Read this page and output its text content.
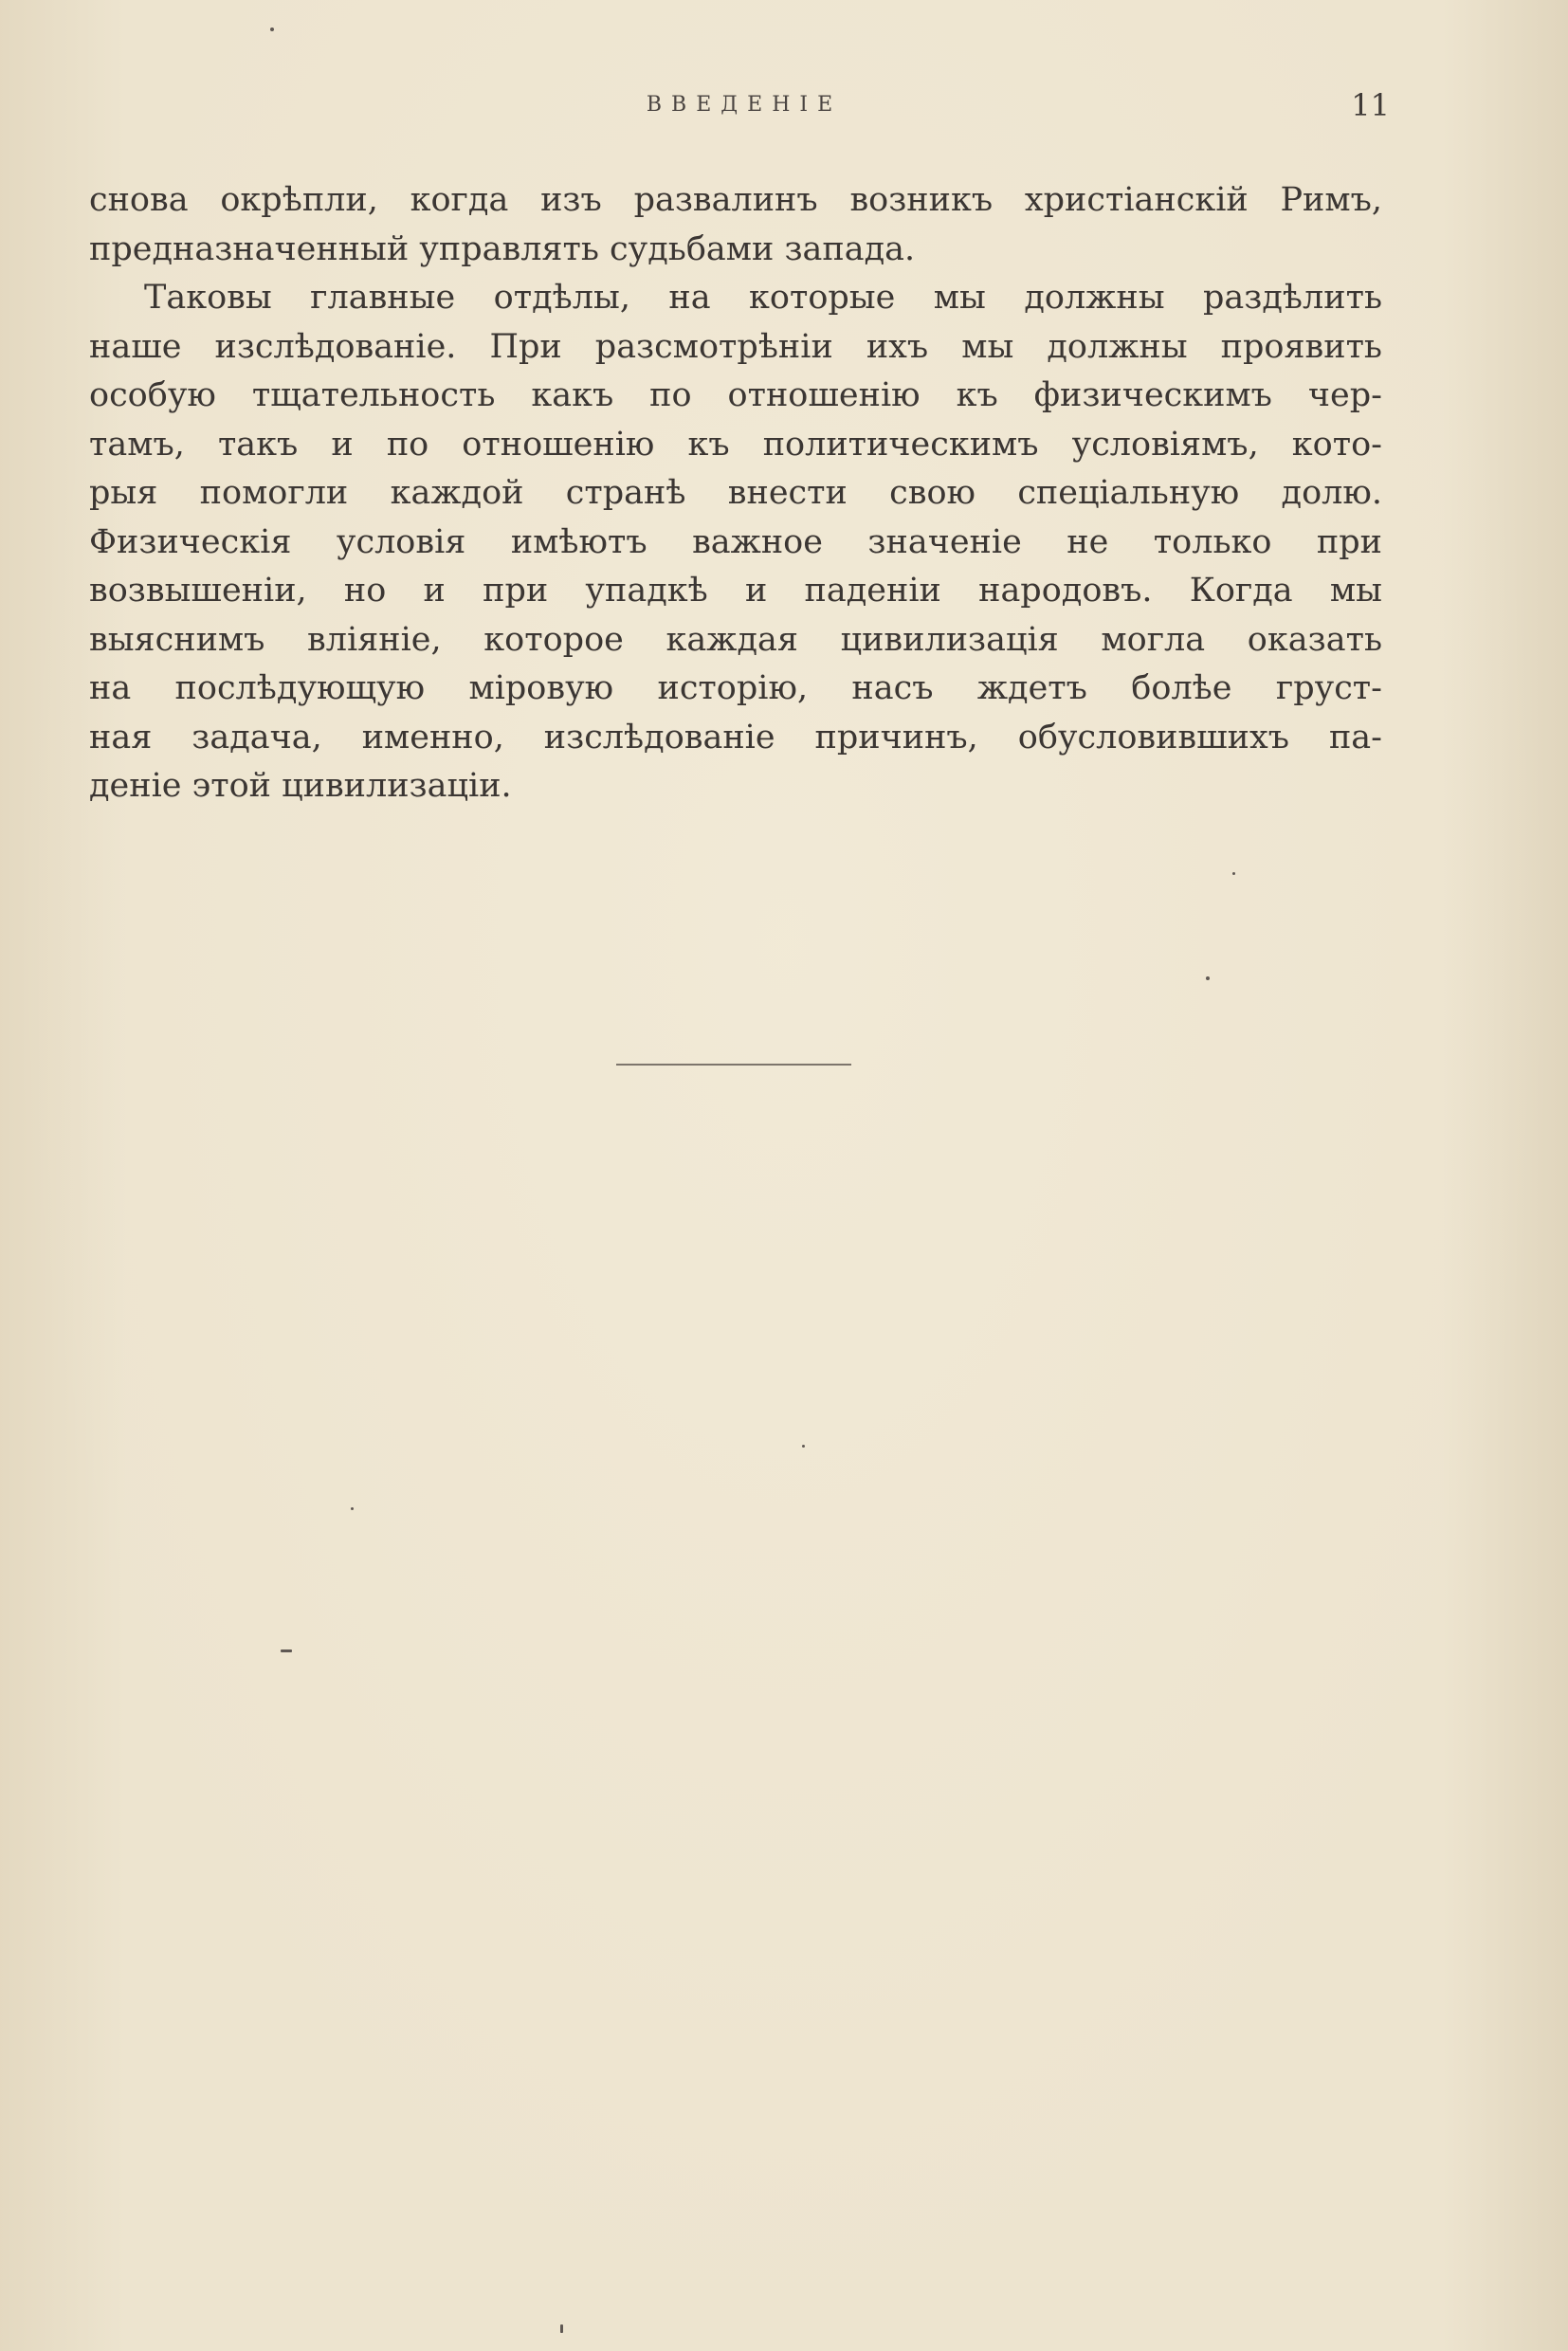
ВВЕДЕНІЕ	11

снова окрѣпли, когда изъ развалинъ возникъ христіанскій Римъ,
предназначенный управлять судьбами запада.

Таковы главные отдѣлы, на которые мы должны раздѣлить
наше изслѣдованіе. При разсмотрѣніи ихъ мы должны проявить
особую тщательность какъ по отношенію къ физическимъ чер-
тамъ, такъ и по отношенію къ политическимъ условіямъ, кото-
рыя помогли каждой странѣ внести свою спеціальную долю.
Физическія условія имѣютъ важное значеніе не только при
возвышеніи, но и при упадкѣ и паденіи народовъ. Когда мы
выяснимъ вліяніе, которое каждая цивилизація могла оказать
на послѣдующую міровую исторію, насъ ждетъ болѣе груст-
ная задача, именно, изслѣдованіе причинъ, обусловившихъ па-
деніе этой цивилизаціи.
